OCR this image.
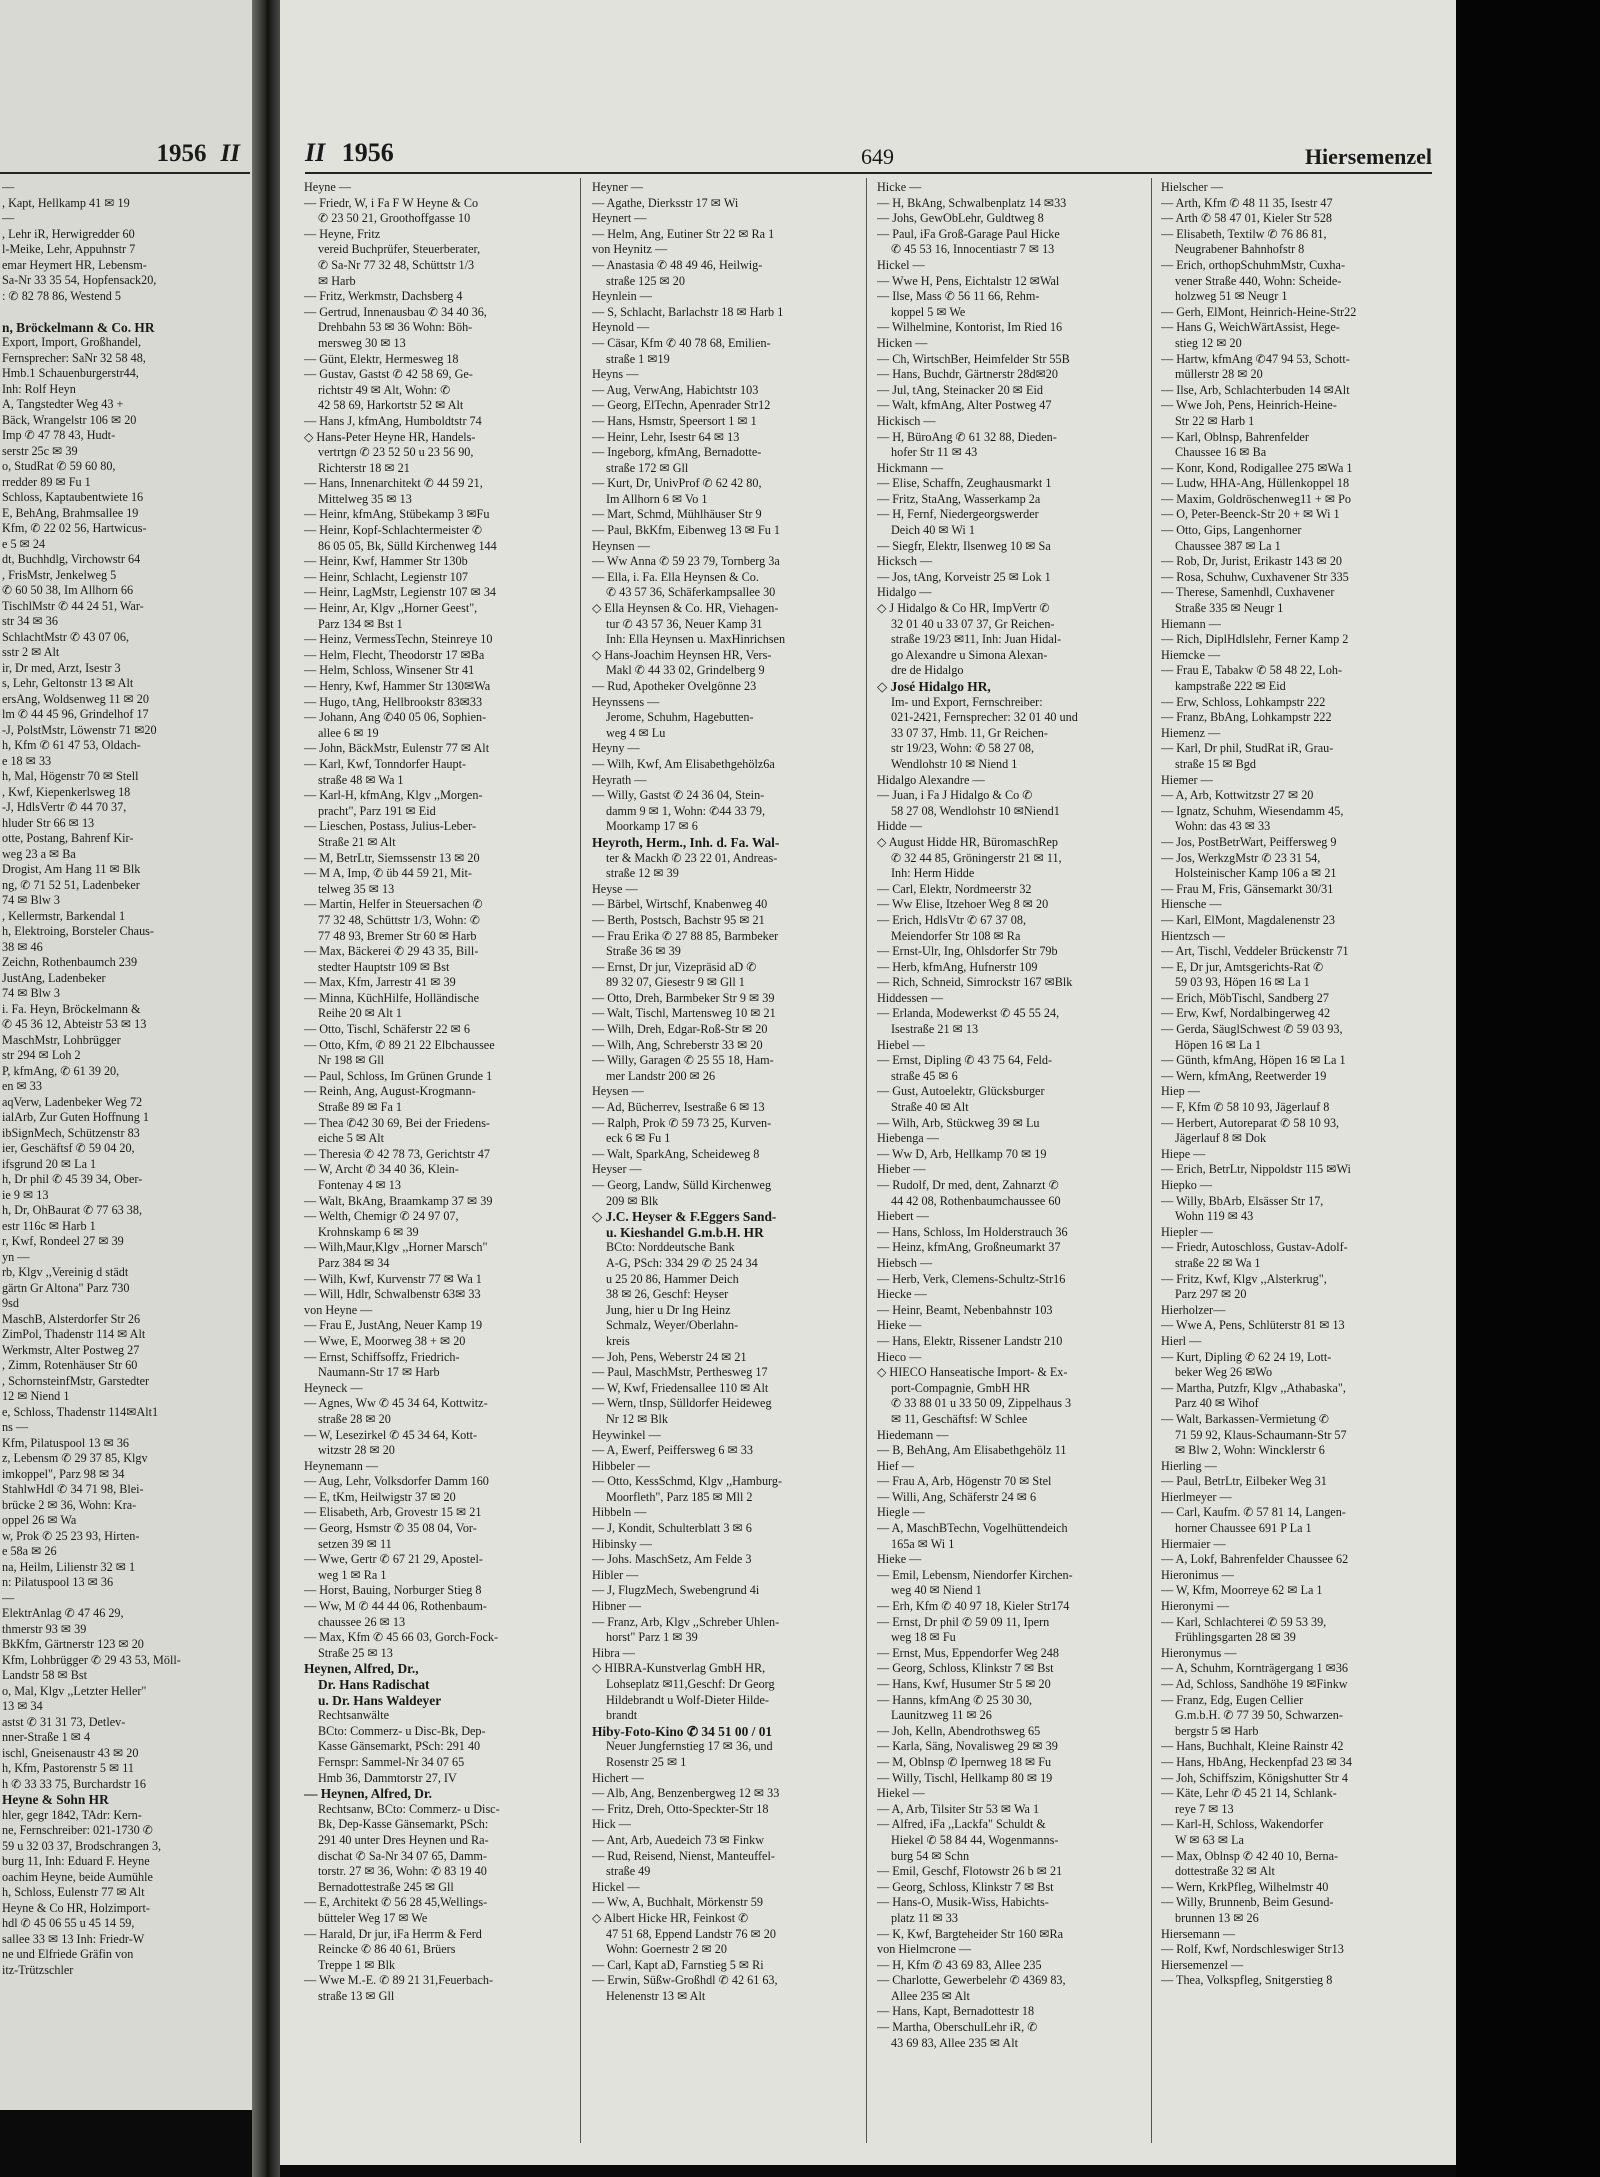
1956 II
—
, Kapt, Hellkamp 41 ✉ 19
—
, Lehr iR, Herwigredder 60
l-Meike, Lehr, Appuhnstr 7
emar Heymert HR, Lebensm-
Sa-Nr 33 35 54, Hopfensack20,
: ✆ 82 78 86, Westend 5

n, Bröckelmann & Co. HR
Export, Import, Großhandel,
Fernsprecher: SaNr 32 58 48,
Hmb.1 Schauenburgerstr44,
Inh: Rolf Heyn
A, Tangstedter Weg 43 +
Bäck, Wrangelstr 106 ✉ 20
Imp ✆ 47 78 43, Hudt-
serstr 25c ✉ 39
o, StudRat ✆ 59 60 80,
rredder 89 ✉ Fu 1
Schloss, Kaptaubentwiete 16
E, BehAng, Brahmsallee 19
Kfm, ✆ 22 02 56, Hartwicus-
e 5 ✉ 24
dt, Buchhdlg, Virchowstr 64
, FrisMstr, Jenkelweg 5
✆ 60 50 38, Im Allhorn 66
TischlMstr ✆ 44 24 51, War-
str 34 ✉ 36
SchlachtMstr ✆ 43 07 06,
sstr 2 ✉ Alt
ir, Dr med, Arzt, Isestr 3
s, Lehr, Geltonstr 13 ✉ Alt
ersAng, Woldsenweg 11 ✉ 20
lm ✆ 44 45 96, Grindelhof 17
-J, PolstMstr, Löwenstr 71 ✉20
h, Kfm ✆ 61 47 53, Oldach-
e 18 ✉ 33
h, Mal, Högenstr 70 ✉ Stell
, Kwf, Kiepenkerlsweg 18
-J, HdlsVertr ✆ 44 70 37,
hluder Str 66 ✉ 13
otte, Postang, Bahrenf Kir-
weg 23 a ✉ Ba
Drogist, Am Hang 11 ✉ Blk
ng, ✆ 71 52 51, Ladenbeker
74 ✉ Blw 3
, Kellermstr, Barkendal 1
h, Elektroing, Borsteler Chaus-
38 ✉ 46
Zeichn, Rothenbaumch 239
JustAng, Ladenbeker
74 ✉ Blw 3
i. Fa. Heyn, Bröckelmann &
✆ 45 36 12, Abteistr 53 ✉ 13
MaschMstr, Lohbrügger
str 294 ✉ Loh 2
P, kfmAng, ✆ 61 39 20,
en ✉ 33
aqVerw, Ladenbeker Weg 72
ialArb, Zur Guten Hoffnung 1
ibSignMech, Schützenstr 83
ier, Geschäftsf ✆ 59 04 20,
ifsgrund 20 ✉ La 1
h, Dr phil ✆ 45 39 34, Ober-
ie 9 ✉ 13
h, Dr, OhBaurat ✆ 77 63 38,
estr 116c ✉ Harb 1
r, Kwf, Rondeel 27 ✉ 39
yn —
rb, Klgv ,,Vereinig d städt
gärtn Gr Altona" Parz 730
9sd
MaschB, Alsterdorfer Str 26
ZimPol, Thadenstr 114 ✉ Alt
Werkmstr, Alter Postweg 27
, Zimm, Rotenhäuser Str 60
, SchornsteinfMstr, Garstedter
12 ✉ Niend 1
e, Schloss, Thadenstr 114✉Alt1
ns —
Kfm, Pilatuspool 13 ✉ 36
z, Lebensm ✆ 29 37 85, Klgv
imkoppel", Parz 98 ✉ 34
StahlwHdl ✆ 34 71 98, Blei-
brücke 2 ✉ 36, Wohn: Kra-
oppel 26 ✉ Wa
w, Prok ✆ 25 23 93, Hirten-
e 58a ✉ 26
na, Heilm, Lilienstr 32 ✉ 1
n: Pilatuspool 13 ✉ 36
—
ElektrAnlag ✆ 47 46 29,
thmerstr 93 ✉ 39
BkKfm, Gärtnerstr 123 ✉ 20
Kfm, Lohbrügger ✆ 29 43 53, Möll-
Landstr 58 ✉ Bst
o, Mal, Klgv ,,Letzter Heller"
13 ✉ 34
astst ✆ 31 31 73, Detlev-
nner-Straße 1 ✉ 4
ischl, Gneisenaustr 43 ✉ 20
h, Kfm, Pastorenstr 5 ✉ 11
h ✆ 33 33 75, Burchardstr 16
Heyne & Sohn HR
hler, gegr 1842, TAdr: Kern-
ne, Fernschreiber: 021-1730 ✆
59 u 32 03 37, Brodschrangen 3,
burg 11, Inh: Eduard F. Heyne
oachim Heyne, beide Aumühle
h, Schloss, Eulenstr 77 ✉ Alt
Heyne & Co HR, Holzimport-
hdl ✆ 45 06 55 u 45 14 59,
sallee 33 ✉ 13 Inh: Friedr-W
ne und Elfriede Gräfin von
itz-Trützschler
II 1956	649	Hiersemenzel
Heyne —
— Friedr, W, i Fa F W Heyne & Co
✆ 23 50 21, Groothoffgasse 10
— Heyne, Fritz
vereid Buchprüfer, Steuerberater,
✆ Sa-Nr 77 32 48, Schüttstr 1/3
✉ Harb
— Fritz, Werkmstr, Dachsberg 4
— Gertrud, Innenausbau ✆ 34 40 36,
Drehbahn 53 ✉ 36 Wohn: Böh-
mersweg 30 ✉ 13
— Günt, Elektr, Hermesweg 18
— Gustav, Gastst ✆ 42 58 69, Ge-
richtstr 49 ✉ Alt, Wohn: ✆
42 58 69, Harkortstr 52 ✉ Alt
— Hans J, kfmAng, Humboldtstr 74
◇ Hans-Peter Heyne HR, Handels-
vertrtgn ✆ 23 52 50 u 23 56 90,
Richterstr 18 ✉ 21
— Hans, Innenarchitekt ✆ 44 59 21,
Mittelweg 35 ✉ 13
— Heinr, kfmAng, Stübekamp 3 ✉Fu
— Heinr, Kopf-Schlachtermeister ✆
86 05 05, Bk, Sülld Kirchenweg 144
— Heinr, Kwf, Hammer Str 130b
— Heinr, Schlacht, Legienstr 107
— Heinr, LagMstr, Legienstr 107 ✉ 34
— Heinr, Ar, Klgv ,,Horner Geest",
Parz 134 ✉ Bst 1
— Heinz, VermessTechn, Steinreye 10
— Helm, Flecht, Theodorstr 17 ✉Ba
— Helm, Schloss, Winsener Str 41
— Henry, Kwf, Hammer Str 130✉Wa
— Hugo, tAng, Hellbrookstr 83✉33
— Johann, Ang ✆40 05 06, Sophien-
allee 6 ✉ 19
— John, BäckMstr, Eulenstr 77 ✉ Alt
— Karl, Kwf, Tonndorfer Haupt-
straße 48 ✉ Wa 1
— Karl-H, kfmAng, Klgv ,,Morgen-
pracht", Parz 191 ✉ Eid
— Lieschen, Postass, Julius-Leber-
Straße 21 ✉ Alt
— M, BetrLtr, Siemssenstr 13 ✉ 20
— M A, Imp, ✆ üb 44 59 21, Mit-
telweg 35 ✉ 13
— Martin, Helfer in Steuersachen ✆
77 32 48, Schüttstr 1/3, Wohn: ✆
77 48 93, Bremer Str 60 ✉ Harb
— Max, Bäckerei ✆ 29 43 35, Bill-
stedter Hauptstr 109 ✉ Bst
— Max, Kfm, Jarrestr 41 ✉ 39
— Minna, KüchHilfe, Holländische
Reihe 20 ✉ Alt 1
— Otto, Tischl, Schäferstr 22 ✉ 6
— Otto, Kfm, ✆ 89 21 22 Elbchaussee
Nr 198 ✉ Gll
— Paul, Schloss, Im Grünen Grunde 1
— Reinh, Ang, August-Krogmann-
Straße 89 ✉ Fa 1
— Thea ✆42 30 69, Bei der Friedens-
eiche 5 ✉ Alt
— Theresia ✆ 42 78 73, Gerichtstr 47
— W, Archt ✆ 34 40 36, Klein-
Fontenay 4 ✉ 13
— Walt, BkAng, Braamkamp 37 ✉ 39
— Welth, Chemigr ✆ 24 97 07,
Krohnskamp 6 ✉ 39
— Wilh,Maur,Klgv ,,Horner Marsch"
Parz 384 ✉ 34
— Wilh, Kwf, Kurvenstr 77 ✉ Wa 1
— Will, Hdlr, Schwalbenstr 63✉ 33
von Heyne —
— Frau E, JustAng, Neuer Kamp 19
— Wwe, E, Moorweg 38 + ✉ 20
— Ernst, Schiffsoffz, Friedrich-
Naumann-Str 17 ✉ Harb
Heyneck —
— Agnes, Ww ✆ 45 34 64, Kottwitz-
straße 28 ✉ 20
— W, Lesezirkel ✆ 45 34 64, Kott-
witzstr 28 ✉ 20
Heynemann —
— Aug, Lehr, Volksdorfer Damm 160
— E, tKm, Heilwigstr 37 ✉ 20
— Elisabeth, Arb, Grovestr 15 ✉ 21
— Georg, Hsmstr ✆ 35 08 04, Vor-
setzen 39 ✉ 11
— Wwe, Gertr ✆ 67 21 29, Apostel-
weg 1 ✉ Ra 1
— Horst, Bauing, Norburger Stieg 8
— Ww, M ✆ 44 44 06, Rothenbaum-
chaussee 26 ✉ 13
— Max, Kfm ✆ 45 66 03, Gorch-Fock-
Straße 25 ✉ 13
Heynen, Alfred, Dr.,
Dr. Hans Radischat
u. Dr. Hans Waldeyer
Rechtsanwälte
BCto: Commerz- u Disc-Bk, Dep-
Kasse Gänsemarkt, PSch: 291 40
Fernspr: Sammel-Nr 34 07 65
Hmb 36, Dammtorstr 27, IV
— Heynen, Alfred, Dr.
Rechtsanw, BCto: Commerz- u Disc-
Bk, Dep-Kasse Gänsemarkt, PSch:
291 40 unter Dres Heynen und Ra-
dischat ✆ Sa-Nr 34 07 65, Damm-
torstr. 27 ✉ 36, Wohn: ✆ 83 19 40
Bernadottestraße 245 ✉ Gll
— E, Architekt ✆ 56 28 45,Wellings-
bütteler Weg 17 ✉ We
— Harald, Dr jur, iFa Herrm & Ferd
Reincke ✆ 86 40 61, Brüers
Treppe 1 ✉ Blk
— Wwe M.-E. ✆ 89 21 31,Feuerbach-
straße 13 ✉ Gll
Heyner —
— Agathe, Dierksstr 17 ✉ Wi
Heynert —
— Helm, Ang, Eutiner Str 22 ✉ Ra 1
von Heynitz —
— Anastasia ✆ 48 49 46, Heilwig-
straße 125 ✉ 20
Heynlein —
— S, Schlacht, Barlachstr 18 ✉ Harb 1
Heynold —
— Cäsar, Kfm ✆ 40 78 68, Emilien-
straße 1 ✉19
Heyns —
— Aug, VerwAng, Habichtstr 103
— Georg, ElTechn, Apenrader Str12
— Hans, Hsmstr, Speersort 1 ✉ 1
— Heinr, Lehr, Isestr 64 ✉ 13
— Ingeborg, kfmAng, Bernadotte-
straße 172 ✉ Gll
— Kurt, Dr, UnivProf ✆ 62 42 80,
Im Allhorn 6 ✉ Vo 1
— Mart, Schmd, Mühlhäuser Str 9
— Paul, BkKfm, Eibenweg 13 ✉ Fu 1
Heynsen —
— Ww Anna ✆ 59 23 79, Tornberg 3a
— Ella, i. Fa. Ella Heynsen & Co.
✆ 43 57 36, Schäferkampsallee 30
◇ Ella Heynsen & Co. HR, Viehagen-
tur ✆ 43 57 36, Neuer Kamp 31
Inh: Ella Heynsen u. MaxHinrichsen
◇ Hans-Joachim Heynsen HR, Vers-
Makl ✆ 44 33 02, Grindelberg 9
— Rud, Apotheker Ovelgönne 23
Heynssens —
Jerome, Schuhm, Hagebutten-
weg 4 ✉ Lu
Heyny —
— Wilh, Kwf, Am Elisabethgehölz6a
Heyrath —
— Willy, Gastst ✆ 24 36 04, Stein-
damm 9 ✉ 1, Wohn: ✆44 33 79,
Moorkamp 17 ✉ 6
Heyroth, Herm., Inh. d. Fa. Wal-
ter & Mackh ✆ 23 22 01, Andreas-
straße 12 ✉ 39
Heyse —
— Bärbel, Wirtschf, Knabenweg 40
— Berth, Postsch, Bachstr 95 ✉ 21
— Frau Erika ✆ 27 88 85, Barmbeker
Straße 36 ✉ 39
— Ernst, Dr jur, Vizepräsid aD ✆
89 32 07, Giesestr 9 ✉ Gll 1
— Otto, Dreh, Barmbeker Str 9 ✉ 39
— Walt, Tischl, Martensweg 10 ✉ 21
— Wilh, Dreh, Edgar-Roß-Str ✉ 20
— Wilh, Ang, Schreberstr 33 ✉ 20
— Willy, Garagen ✆ 25 55 18, Ham-
mer Landstr 200 ✉ 26
Heysen —
— Ad, Bücherrev, Isestraße 6 ✉ 13
— Ralph, Prok ✆ 59 73 25, Kurven-
eck 6 ✉ Fu 1
— Walt, SparkAng, Scheideweg 8
Heyser —
— Georg, Landw, Sülld Kirchenweg
209 ✉ Blk
◇ J.C. Heyser & F.Eggers Sand-
u. Kieshandel G.m.b.H. HR
BCto: Norddeutsche Bank
A-G, PSch: 334 29 ✆ 25 24 34
u 25 20 86, Hammer Deich
38 ✉ 26, Geschf: Heyser
Jung, hier u Dr Ing Heinz
Schmalz, Weyer/Oberlahn-
kreis
— Joh, Pens, Weberstr 24 ✉ 21
— Paul, MaschMstr, Perthesweg 17
— W, Kwf, Friedensallee 110 ✉ Alt
— Wern, tInsp, Sülldorfer Heideweg
Nr 12 ✉ Blk
Heywinkel —
— A, Ewerf, Peiffersweg 6 ✉ 33
Hibbeler —
— Otto, KessSchmd, Klgv ,,Hamburg-
Moorfleth", Parz 185 ✉ Mll 2
Hibbeln —
— J, Kondit, Schulterblatt 3 ✉ 6
Hibinsky —
— Johs. MaschSetz, Am Felde 3
Hibler —
— J, FlugzMech, Swebengrund 4i
Hibner —
— Franz, Arb, Klgv ,,Schreber Uhlen-
horst" Parz 1 ✉ 39
Hibra —
◇ HIBRA-Kunstverlag GmbH HR,
Lohseplatz ✉11,Geschf: Dr Georg
Hildebrandt u Wolf-Dieter Hilde-
brandt
Hiby-Foto-Kino ✆ 34 51 00 / 01
Neuer Jungfernstieg 17 ✉ 36, und
Rosenstr 25 ✉ 1
Hichert —
— Alb, Ang, Benzenbergweg 12 ✉ 33
— Fritz, Dreh, Otto-Speckter-Str 18
Hick —
— Ant, Arb, Auedeich 73 ✉ Finkw
— Rud, Reisend, Nienst, Manteuffel-
straße 49
Hickel —
— Ww, A, Buchhalt, Mörkenstr 59
◇ Albert Hicke HR, Feinkost ✆
47 51 68, Eppend Landstr 76 ✉ 20
Wohn: Goernestr 2 ✉ 20
— Carl, Kapt aD, Farnstieg 5 ✉ Ri
— Erwin, Süßw-Großhdl ✆ 42 61 63,
Helenenstr 13 ✉ Alt
Hicke —
— H, BkAng, Schwalbenplatz 14 ✉33
— Johs, GewObLehr, Guldtweg 8
— Paul, iFa Groß-Garage Paul Hicke
✆ 45 53 16, Innocentiastr 7 ✉ 13
Hickel —
— Wwe H, Pens, Eichtalstr 12 ✉Wal
— Ilse, Mass ✆ 56 11 66, Rehm-
koppel 5 ✉ We
— Wilhelmine, Kontorist, Im Ried 16
Hicken —
— Ch, WirtschBer, Heimfelder Str 55B
— Hans, Buchdr, Gärtnerstr 28d✉20
— Jul, tAng, Steinacker 20 ✉ Eid
— Walt, kfmAng, Alter Postweg 47
Hickisch —
— H, BüroAng ✆ 61 32 88, Dieden-
hofer Str 11 ✉ 43
Hickmann —
— Elise, Schaffn, Zeughausmarkt 1
— Fritz, StaAng, Wasserkamp 2a
— H, Fernf, Niedergeorgswerder
Deich 40 ✉ Wi 1
— Siegfr, Elektr, Ilsenweg 10 ✉ Sa
Hicksch —
— Jos, tAng, Korveistr 25 ✉ Lok 1
Hidalgo —
◇ J Hidalgo & Co HR, ImpVertr ✆
32 01 40 u 33 07 37, Gr Reichen-
straße 19/23 ✉11, Inh: Juan Hidal-
go Alexandre u Simona Alexan-
dre de Hidalgo
◇ José Hidalgo HR,
Im- und Export, Fernschreiber:
021-2421, Fernsprecher: 32 01 40 und
33 07 37, Hmb. 11, Gr Reichen-
str 19/23, Wohn: ✆ 58 27 08,
Wendlohstr 10 ✉ Niend 1
Hidalgo Alexandre —
— Juan, i Fa J Hidalgo & Co ✆
58 27 08, Wendlohstr 10 ✉Niend1
Hidde —
◇ August Hidde HR, BüromaschRep
✆ 32 44 85, Gröningerstr 21 ✉ 11,
Inh: Herm Hidde
— Carl, Elektr, Nordmeerstr 32
— Ww Elise, Itzehoer Weg 8 ✉ 20
— Erich, HdlsVtr ✆ 67 37 08,
Meiendorfer Str 108 ✉ Ra
— Ernst-Ulr, Ing, Ohlsdorfer Str 79b
— Herb, kfmAng, Hufnerstr 109
— Rich, Schneid, Simrockstr 167 ✉Blk
Hiddessen —
— Erlanda, Modewerkst ✆ 45 55 24,
Isestraße 21 ✉ 13
Hiebel —
— Ernst, Dipling ✆ 43 75 64, Feld-
straße 45 ✉ 6
— Gust, Autoelektr, Glücksburger
Straße 40 ✉ Alt
— Wilh, Arb, Stückweg 39 ✉ Lu
Hiebenga —
— Ww D, Arb, Hellkamp 70 ✉ 19
Hieber —
— Rudolf, Dr med, dent, Zahnarzt ✆
44 42 08, Rothenbaumchaussee 60
Hiebert —
— Hans, Schloss, Im Holderstrauch 36
— Heinz, kfmAng, Großneumarkt 37
Hiebsch —
— Herb, Verk, Clemens-Schultz-Str16
Hiecke —
— Heinr, Beamt, Nebenbahnstr 103
Hieke —
— Hans, Elektr, Rissener Landstr 210
Hieco —
◇ HIECO Hanseatische Import- & Ex-
port-Compagnie, GmbH HR
✆ 33 88 01 u 33 50 09, Zippelhaus 3
✉ 11, Geschäftsf: W Schlee
Hiedemann —
— B, BehAng, Am Elisabethgehölz 11
Hief —
— Frau A, Arb, Högenstr 70 ✉ Stel
— Willi, Ang, Schäferstr 24 ✉ 6
Hiegle —
— A, MaschBTechn, Vogelhüttendeich
165a ✉ Wi 1
Hieke —
— Emil, Lebensm, Niendorfer Kirchen-
weg 40 ✉ Niend 1
— Erh, Kfm ✆ 40 97 18, Kieler Str174
— Ernst, Dr phil ✆ 59 09 11, Ipern
weg 18 ✉ Fu
— Ernst, Mus, Eppendorfer Weg 248
— Georg, Schloss, Klinkstr 7 ✉ Bst
— Hans, Kwf, Husumer Str 5 ✉ 20
— Hanns, kfmAng ✆ 25 30 30,
Launitzweg 11 ✉ 26
— Joh, Kelln, Abendrothsweg 65
— Karla, Säng, Novalisweg 29 ✉ 39
— M, Oblnsp ✆ Ipernweg 18 ✉ Fu
— Willy, Tischl, Hellkamp 80 ✉ 19
Hiekel —
— A, Arb, Tilsiter Str 53 ✉ Wa 1
— Alfred, iFa ,,Lackfa" Schuldt &
Hiekel ✆ 58 84 44, Wogenmanns-
burg 54 ✉ Schn
— Emil, Geschf, Flotowstr 26 b ✉ 21
— Georg, Schloss, Klinkstr 7 ✉ Bst
— Hans-O, Musik-Wiss, Habichts-
platz 11 ✉ 33
— K, Kwf, Bargteheider Str 160 ✉Ra
von Hielmcrone —
— H, Kfm ✆ 43 69 83, Allee 235
— Charlotte, Gewerbelehr ✆ 4369 83,
Allee 235 ✉ Alt
— Hans, Kapt, Bernadottestr 18
— Martha, OberschulLehr iR, ✆
43 69 83, Allee 235 ✉ Alt
Hielscher —
— Arth, Kfm ✆ 48 11 35, Isestr 47
— Arth ✆ 58 47 01, Kieler Str 528
— Elisabeth, Textilw ✆ 76 86 81,
Neugrabener Bahnhofstr 8
— Erich, orthopSchuhmMstr, Cuxha-
vener Straße 440, Wohn: Scheide-
holzweg 51 ✉ Neugr 1
— Gerh, ElMont, Heinrich-Heine-Str22
— Hans G, WeichWärtAssist, Hege-
stieg 12 ✉ 20
— Hartw, kfmAng ✆47 94 53, Schott-
müllerstr 28 ✉ 20
— Ilse, Arb, Schlachterbuden 14 ✉Alt
— Wwe Joh, Pens, Heinrich-Heine-
Str 22 ✉ Harb 1
— Karl, Oblnsp, Bahrenfelder
Chaussee 16 ✉ Ba
— Konr, Kond, Rodigallee 275 ✉Wa 1
— Ludw, HHA-Ang, Hüllenkoppel 18
— Maxim, Goldröschenweg11 + ✉ Po
— O, Peter-Beenck-Str 20 + ✉ Wi 1
— Otto, Gips, Langenhorner
Chaussee 387 ✉ La 1
— Rob, Dr, Jurist, Erikastr 143 ✉ 20
— Rosa, Schuhw, Cuxhavener Str 335
— Therese, Samenhdl, Cuxhavener
Straße 335 ✉ Neugr 1
Hiemann —
— Rich, DiplHdlslehr, Ferner Kamp 2
Hiemcke —
— Frau E, Tabakw ✆ 58 48 22, Loh-
kampstraße 222 ✉ Eid
— Erw, Schloss, Lohkampstr 222
— Franz, BbAng, Lohkampstr 222
Hiemenz —
— Karl, Dr phil, StudRat iR, Grau-
straße 15 ✉ Bgd
Hiemer —
— A, Arb, Kottwitzstr 27 ✉ 20
— Ignatz, Schuhm, Wiesendamm 45,
Wohn: das 43 ✉ 33
— Jos, PostBetrWart, Peiffersweg 9
— Jos, WerkzgMstr ✆ 23 31 54,
Holsteinischer Kamp 106 a ✉ 21
— Frau M, Fris, Gänsemarkt 30/31
Hiensche —
— Karl, ElMont, Magdalenenstr 23
Hientzsch —
— Art, Tischl, Veddeler Brückenstr 71
— E, Dr jur, Amtsgerichts-Rat ✆
59 03 93, Höpen 16 ✉ La 1
— Erich, MöbTischl, Sandberg 27
— Erw, Kwf, Nordalbingerweg 42
— Gerda, SäuglSchwest ✆ 59 03 93,
Höpen 16 ✉ La 1
— Günth, kfmAng, Höpen 16 ✉ La 1
— Wern, kfmAng, Reetwerder 19
Hiep —
— F, Kfm ✆ 58 10 93, Jägerlauf 8
— Herbert, Autoreparat ✆ 58 10 93,
Jägerlauf 8 ✉ Dok
Hiepe —
— Erich, BetrLtr, Nippoldstr 115 ✉Wi
Hiepko —
— Willy, BbArb, Elsässer Str 17,
Wohn 119 ✉ 43
Hiepler —
— Friedr, Autoschloss, Gustav-Adolf-
straße 22 ✉ Wa 1
— Fritz, Kwf, Klgv ,,Alsterkrug",
Parz 297 ✉ 20
Hierholzer—
— Wwe A, Pens, Schlüterstr 81 ✉ 13
Hierl —
— Kurt, Dipling ✆ 62 24 19, Lott-
beker Weg 26 ✉Wo
— Martha, Putzfr, Klgv ,,Athabaska",
Parz 40 ✉ Wihof
— Walt, Barkassen-Vermietung ✆
71 59 92, Klaus-Schaumann-Str 57
✉ Blw 2, Wohn: Wincklerstr 6
Hierling —
— Paul, BetrLtr, Eilbeker Weg 31
Hierlmeyer —
— Carl, Kaufm. ✆ 57 81 14, Langen-
horner Chaussee 691 P La 1
Hiermaier —
— A, Lokf, Bahrenfelder Chaussee 62
Hieronimus —
— W, Kfm, Moorreye 62 ✉ La 1
Hieronymi —
— Karl, Schlachterei ✆ 59 53 39,
Frühlingsgarten 28 ✉ 39
Hieronymus —
— A, Schuhm, Kornträgergang 1 ✉36
— Ad, Schloss, Sandhöhe 19 ✉Finkw
— Franz, Edg, Eugen Cellier
G.m.b.H. ✆ 77 39 50, Schwarzen-
bergstr 5 ✉ Harb
— Hans, Buchhalt, Kleine Rainstr 42
— Hans, HbAng, Heckenpfad 23 ✉ 34
— Joh, Schiffszim, Königshutter Str 4
— Käte, Lehr ✆ 45 21 14, Schlank-
reye 7 ✉ 13
— Karl-H, Schloss, Wakendorfer
W ✉ 63 ✉ La
— Max, Oblnsp ✆ 42 40 10, Berna-
dottestraße 32 ✉ Alt
— Wern, KrkPfleg, Wilhelmstr 40
— Willy, Brunnenb, Beim Gesund-
brunnen 13 ✉ 26
Hiersemann —
— Rolf, Kwf, Nordschleswiger Str13
Hiersemenzel —
— Thea, Volkspfleg, Snitgerstieg 8
